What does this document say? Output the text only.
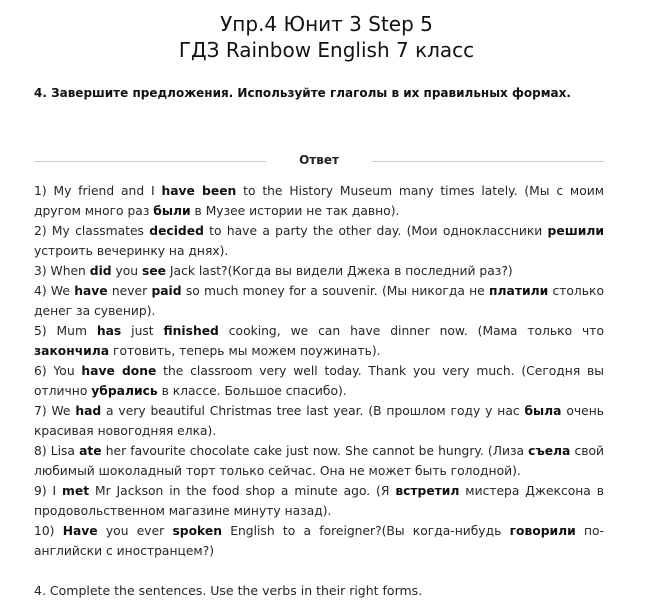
Упр.4 Юнит 3 Step 5
ГДЗ Rainbow English 7 класс
4. Завершите предложения. Используйте глаголы в их правильных формах.
Ответ

1) My friend and I have been to the History Museum many times lately. (Мы с моим другом много раз были в Музее истории не так давно).

2) My classmates decided to have a party the other day. (Мои одноклассники решили устроить вечеринку на днях).

3) When did you see Jack last?(Когда вы видели Джека в последний раз?)

4) We have never paid so much money for a souvenir. (Мы никогда не платили столько денег за сувенир).

5) Mum has just finished cooking, we can have dinner now. (Мама только что закончила готовить, теперь мы можем поужинать).

6) You have done the classroom very well today. Thank you very much. (Сегодня вы отлично убрались в классе. Большое спасибо).

7) We had a very beautiful Christmas tree last year. (В прошлом году у нас была очень красивая новогодняя елка).

8) Lisa ate her favourite chocolate cake just now. She cannot be hungry. (Лиза съела свой любимый шоколадный торт только сейчас. Она не может быть голодной).

9) I met Mr Jackson in the food shop a minute ago. (Я встретил мистера Джексона в продовольственном магазине минуту назад).

10) Have you ever spoken English to a foreigner?(Вы когда-нибудь говорили по-английски с иностранцем?)

4. Complete the sentences. Use the verbs in their right forms.
